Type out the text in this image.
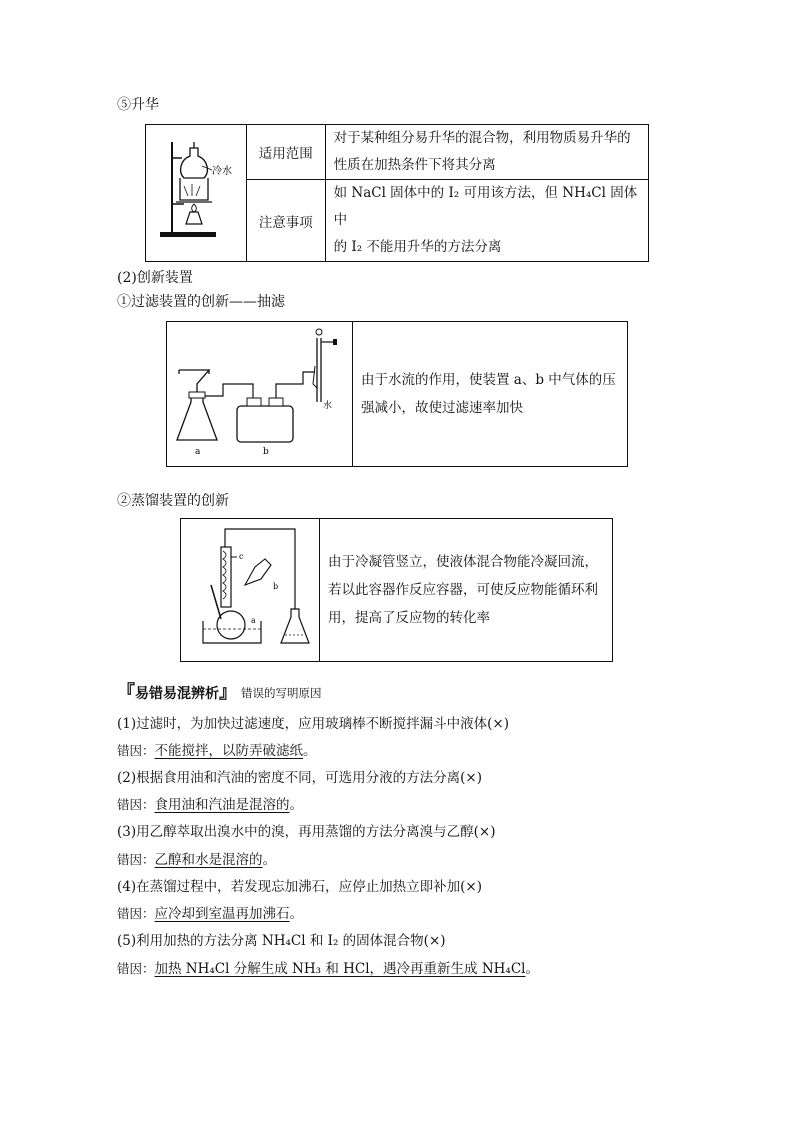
⑤升华
冷水	适用范围	对于某种组分易升华的混合物，利用物质易升华的
性质在加热条件下将其分离

	注意事项	如 NaCl 固体中的 I₂ 可用该方法，但 NH₄Cl 固体中
的 I₂ 不能用升华的方法分离
(2)创新装置
①过滤装置的创新——抽滤
a	b
水

由于水流的作用，使装置 a、b 中气体的压
强减小，故使过滤速率加快
②蒸馏装置的创新
c
b
a

由于冷凝管竖立，使液体混合物能冷凝回流，
若以此容器作反应容器，可使反应物能循环利
用，提高了反应物的转化率
『 易错易混辨析 』 错误的写明原因
(1)过滤时，为加快过滤速度，应用玻璃棒不断搅拌漏斗中液体(×)
错因：不能搅拌，以防弄破滤纸。
(2)根据食用油和汽油的密度不同，可选用分液的方法分离(×)
错因：食用油和汽油是混溶的。
(3)用乙醇萃取出溴水中的溴，再用蒸馏的方法分离溴与乙醇(×)
错因：乙醇和水是混溶的。
(4)在蒸馏过程中，若发现忘加沸石，应停止加热立即补加(×)
错因：应冷却到室温再加沸石。
(5)利用加热的方法分离 NH₄Cl 和 I₂ 的固体混合物(×)
错因：加热 NH₄Cl 分解生成 NH₃ 和 HCl，遇冷再重新生成 NH₄Cl。
